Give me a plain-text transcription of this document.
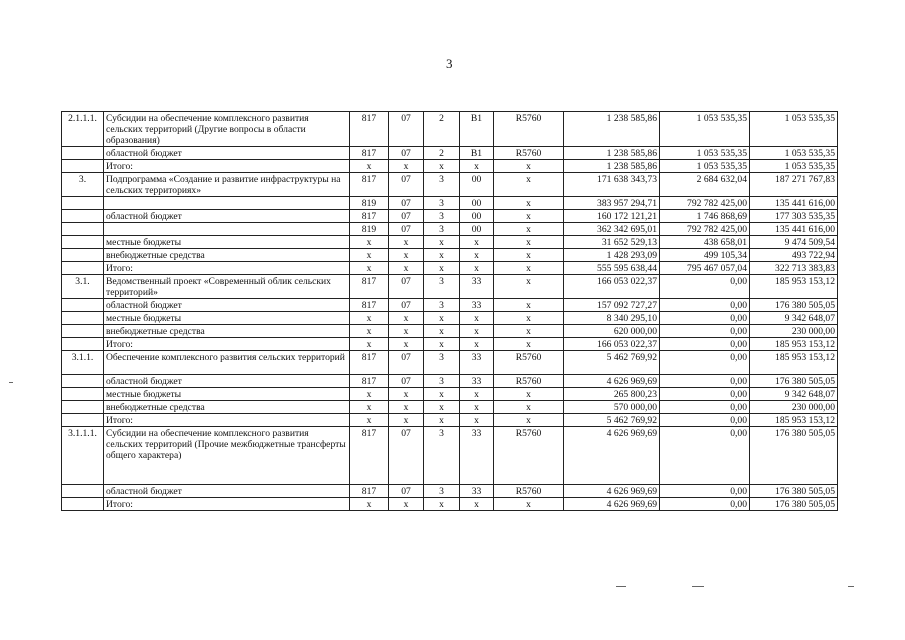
3
2.1.1.1.	Субсидии на обеспечение комплексного развития сельских территорий (Другие вопросы в области образования)	817	07	2	В1	R5760	1 238 585,86	1 053 535,35	1 053 535,35
	областной бюджет	817	07	2	В1	R5760	1 238 585,86	1 053 535,35	1 053 535,35
	Итого:	х	х	х	х	х	1 238 585,86	1 053 535,35	1 053 535,35
3.	Подпрограмма «Создание и развитие инфраструктуры на сельских территориях»	817	07	3	00	х	171 638 343,73	2 684 632,04	187 271 767,83
		819	07	3	00	х	383 957 294,71	792 782 425,00	135 441 616,00
	областной бюджет	817	07	3	00	х	160 172 121,21	1 746 868,69	177 303 535,35
		819	07	3	00	х	362 342 695,01	792 782 425,00	135 441 616,00
	местные бюджеты	х	х	х	х	х	31 652 529,13	438 658,01	9 474 509,54
	внебюджетные средства	х	х	х	х	х	1 428 293,09	499 105,34	493 722,94
	Итого:	х	х	х	х	х	555 595 638,44	795 467 057,04	322 713 383,83
3.1.	Ведомственный проект «Современный облик сельских территорий»	817	07	3	33	х	166 053 022,37	0,00	185 953 153,12
	областной бюджет	817	07	3	33	х	157 092 727,27	0,00	176 380 505,05
	местные бюджеты	х	х	х	х	х	8 340 295,10	0,00	9 342 648,07
	внебюджетные средства	х	х	х	х	х	620 000,00	0,00	230 000,00
	Итого:	х	х	х	х	х	166 053 022,37	0,00	185 953 153,12
3.1.1.	Обеспечение комплексного развития сельских территорий	817	07	3	33	R5760	5 462 769,92	0,00	185 953 153,12
	областной бюджет	817	07	3	33	R5760	4 626 969,69	0,00	176 380 505,05
	местные бюджеты	х	х	х	х	х	265 800,23	0,00	9 342 648,07
	внебюджетные средства	х	х	х	х	х	570 000,00	0,00	230 000,00
	Итого:	х	х	х	х	х	5 462 769,92	0,00	185 953 153,12
3.1.1.1.	Субсидии на обеспечение комплексного развития сельских территорий (Прочие межбюджетные трансферты общего характера)	817	07	3	33	R5760	4 626 969,69	0,00	176 380 505,05
	областной бюджет	817	07	3	33	R5760	4 626 969,69	0,00	176 380 505,05
	Итого:	х	х	х	х	х	4 626 969,69	0,00	176 380 505,05
